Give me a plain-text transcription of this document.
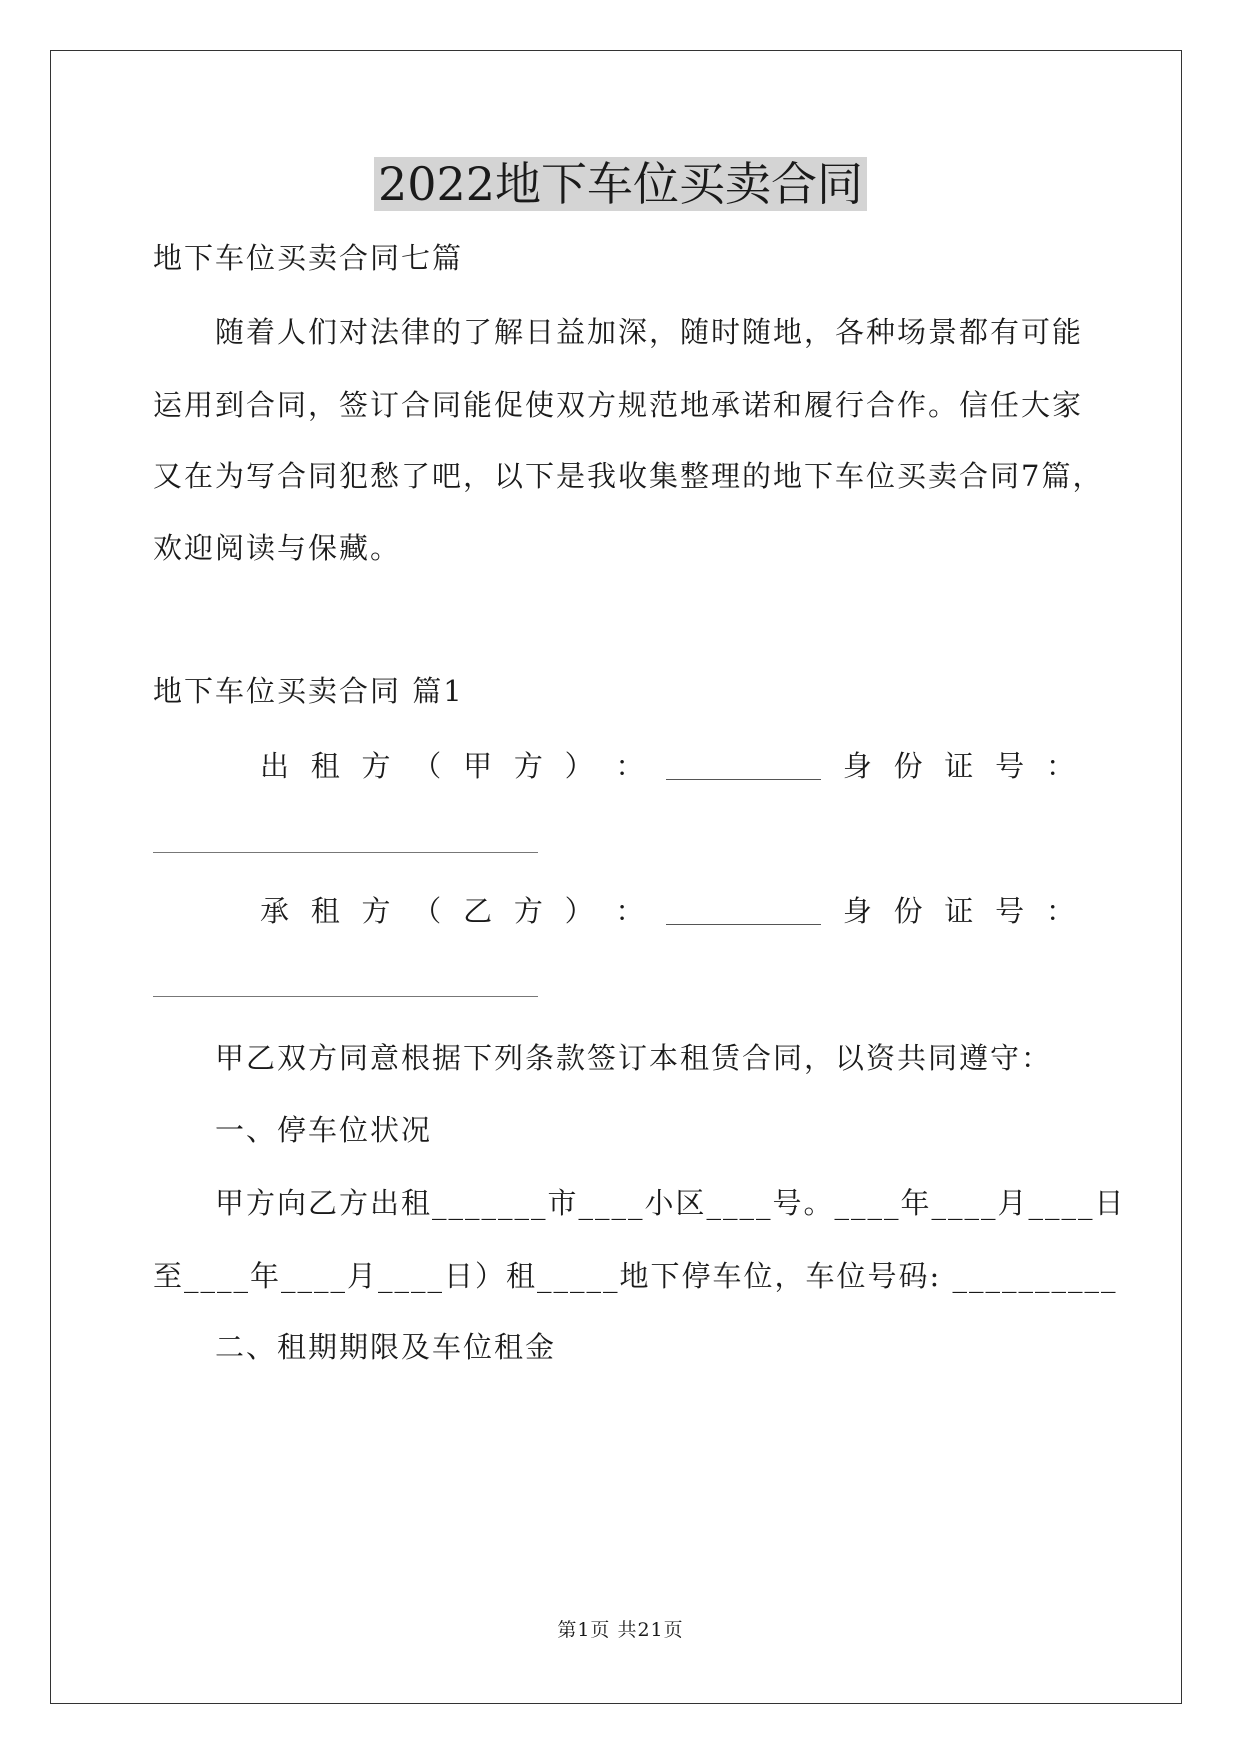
2022地下车位买卖合同
地下车位买卖合同七篇
随着人们对法律的了解日益加深，随时随地，各种场景都有可能
运用到合同，签订合同能促使双方规范地承诺和履行合作。信任大家
又在为写合同犯愁了吧，以下是我收集整理的地下车位买卖合同7篇，
欢迎阅读与保藏。
地下车位买卖合同 篇1
出 租 方 （ 甲 方 ） ：	身 份 证 号 ：
承 租 方 （ 乙 方 ） ：	身 份 证 号 ：
甲乙双方同意根据下列条款签订本租赁合同，以资共同遵守：
一、停车位状况
甲方向乙方出租_______市____小区____号。____年____月____日
至____年____月____日）租_____地下停车位，车位号码: __________
二、租期期限及车位租金
第1页 共21页
